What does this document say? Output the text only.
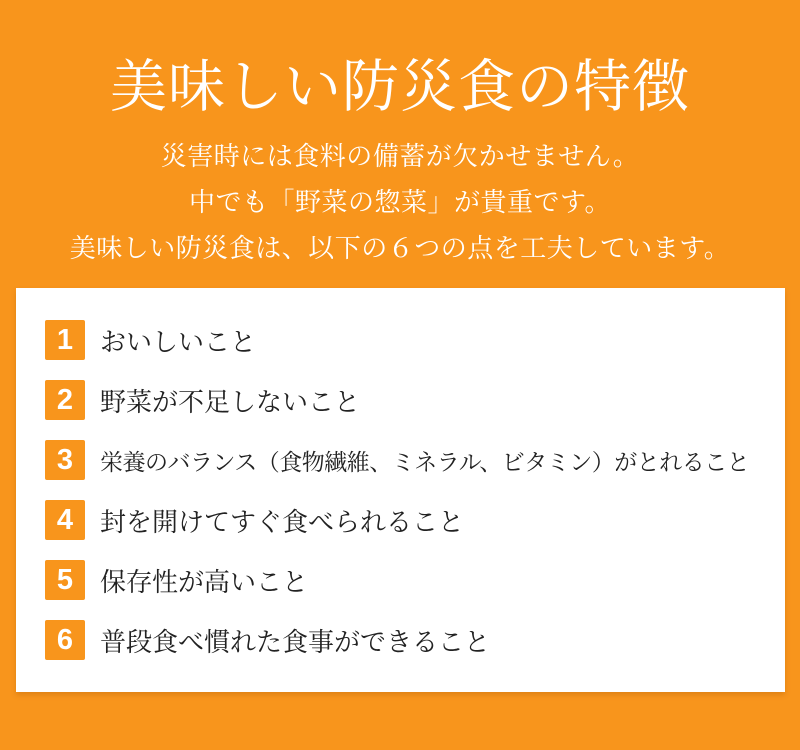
美味しい防災食の特徴
災害時には食料の備蓄が欠かせません。
中でも「野菜の惣菜」が貴重です。
美味しい防災食は、以下の６つの点を工夫しています。
1	おいしいこと
2	野菜が不足しないこと
3	栄養のバランス（食物繊維、ミネラル、ビタミン）がとれること
4	封を開けてすぐ食べられること
5	保存性が高いこと
6	普段食べ慣れた食事ができること
